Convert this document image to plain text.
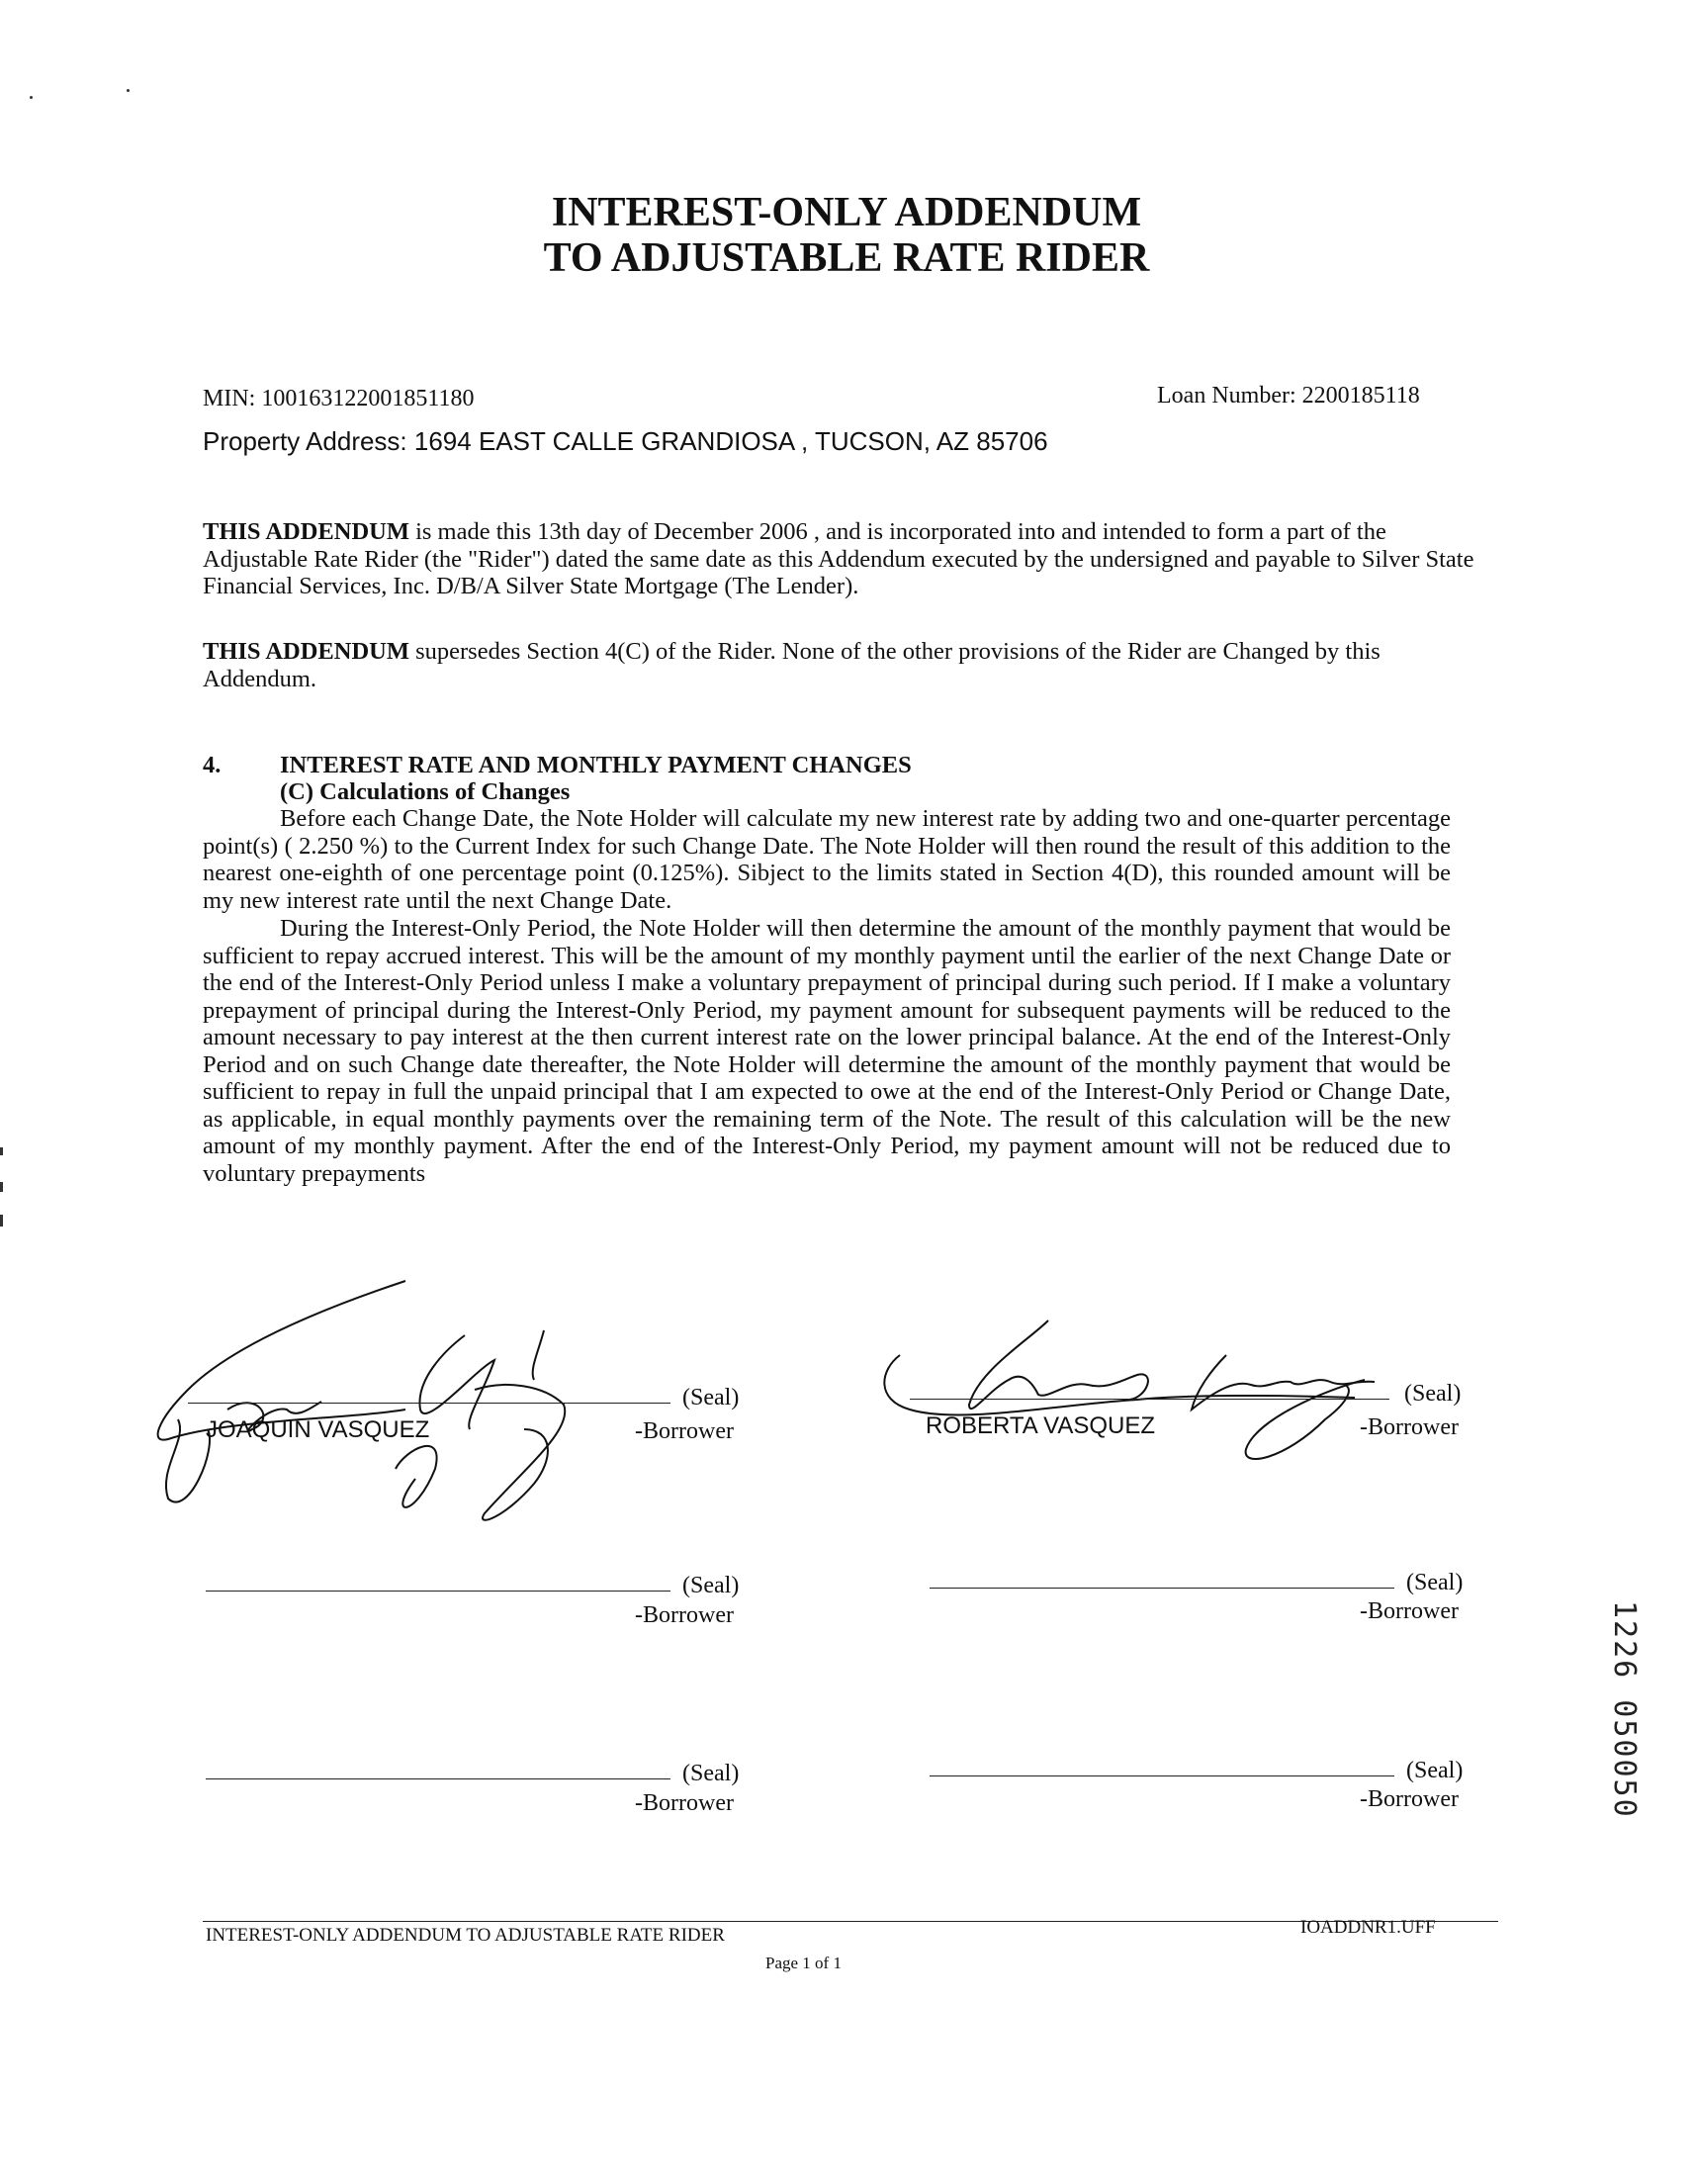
INTEREST-ONLY ADDENDUM
TO ADJUSTABLE RATE RIDER
MIN: 100163122001851180	Loan Number: 2200185118
Property Address: 1694 EAST CALLE GRANDIOSA , TUCSON, AZ 85706
THIS ADDENDUM is made this 13th day of December 2006 , and is incorporated into and intended to form a part of the Adjustable Rate Rider (the "Rider") dated the same date as this Addendum executed by the undersigned and payable to Silver State Financial Services, Inc. D/B/A Silver State Mortgage (The Lender).
THIS ADDENDUM supersedes Section 4(C) of the Rider. None of the other provisions of the Rider are Changed by this Addendum.
4. INTEREST RATE AND MONTHLY PAYMENT CHANGES
(C) Calculations of Changes
Before each Change Date, the Note Holder will calculate my new interest rate by adding two and one-quarter percentage point(s) ( 2.250 %) to the Current Index for such Change Date. The Note Holder will then round the result of this addition to the nearest one-eighth of one percentage point (0.125%). Sibject to the limits stated in Section 4(D), this rounded amount will be my new interest rate until the next Change Date.
During the Interest-Only Period, the Note Holder will then determine the amount of the monthly payment that would be sufficient to repay accrued interest. This will be the amount of my monthly payment until the earlier of the next Change Date or the end of the Interest-Only Period unless I make a voluntary prepayment of principal during such period. If I make a voluntary prepayment of principal during the Interest-Only Period, my payment amount for subsequent payments will be reduced to the amount necessary to pay interest at the then current interest rate on the lower principal balance. At the end of the Interest-Only Period and on such Change date thereafter, the Note Holder will determine the amount of the monthly payment that would be sufficient to repay in full the unpaid principal that I am expected to owe at the end of the Interest-Only Period or Change Date, as applicable, in equal monthly payments over the remaining term of the Note. The result of this calculation will be the new amount of my monthly payment. After the end of the Interest-Only Period, my payment amount will not be reduced due to voluntary prepayments
(Seal)
JOAQUIN VASQUEZ	-Borrower
(Seal)
ROBERTA VASQUEZ	-Borrower
(Seal)
-Borrower
(Seal)
-Borrower
(Seal)
-Borrower
(Seal)
-Borrower	1226 050050
INTEREST-ONLY ADDENDUM TO ADJUSTABLE RATE RIDER	IOADDNR1.UFF
Page 1 of 1
